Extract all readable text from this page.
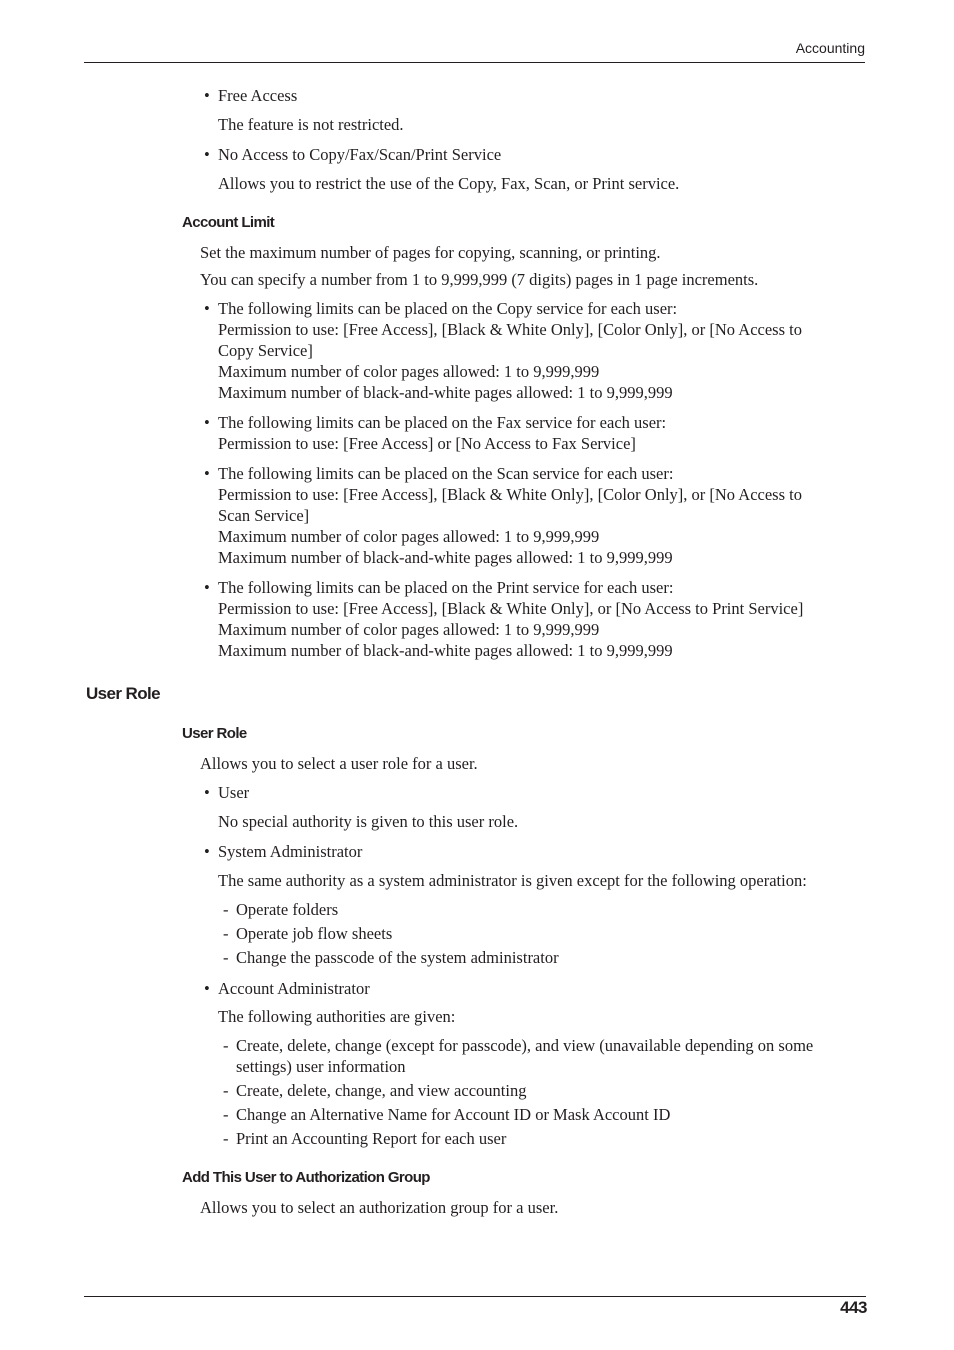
Accounting
• Free Access
The feature is not restricted.
• No Access to Copy/Fax/Scan/Print Service
Allows you to restrict the use of the Copy, Fax, Scan, or Print service.
Account Limit
Set the maximum number of pages for copying, scanning, or printing.
You can specify a number from 1 to 9,999,999 (7 digits) pages in 1 page increments.
• The following limits can be placed on the Copy service for each user:
Permission to use: [Free Access], [Black & White Only], [Color Only], or [No Access to
Copy Service]
Maximum number of color pages allowed: 1 to 9,999,999
Maximum number of black-and-white pages allowed: 1 to 9,999,999
• The following limits can be placed on the Fax service for each user:
Permission to use: [Free Access] or [No Access to Fax Service]
• The following limits can be placed on the Scan service for each user:
Permission to use: [Free Access], [Black & White Only], [Color Only], or [No Access to
Scan Service]
Maximum number of color pages allowed: 1 to 9,999,999
Maximum number of black-and-white pages allowed: 1 to 9,999,999
• The following limits can be placed on the Print service for each user:
Permission to use: [Free Access], [Black & White Only], or [No Access to Print Service]
Maximum number of color pages allowed: 1 to 9,999,999
Maximum number of black-and-white pages allowed: 1 to 9,999,999
User Role
User Role
Allows you to select a user role for a user.
• User
No special authority is given to this user role.
• System Administrator
The same authority as a system administrator is given except for the following operation:
- Operate folders
- Operate job flow sheets
- Change the passcode of the system administrator
• Account Administrator
The following authorities are given:
- Create, delete, change (except for passcode), and view (unavailable depending on some
settings) user information
- Create, delete, change, and view accounting
- Change an Alternative Name for Account ID or Mask Account ID
- Print an Accounting Report for each user
Add This User to Authorization Group
Allows you to select an authorization group for a user.
443
